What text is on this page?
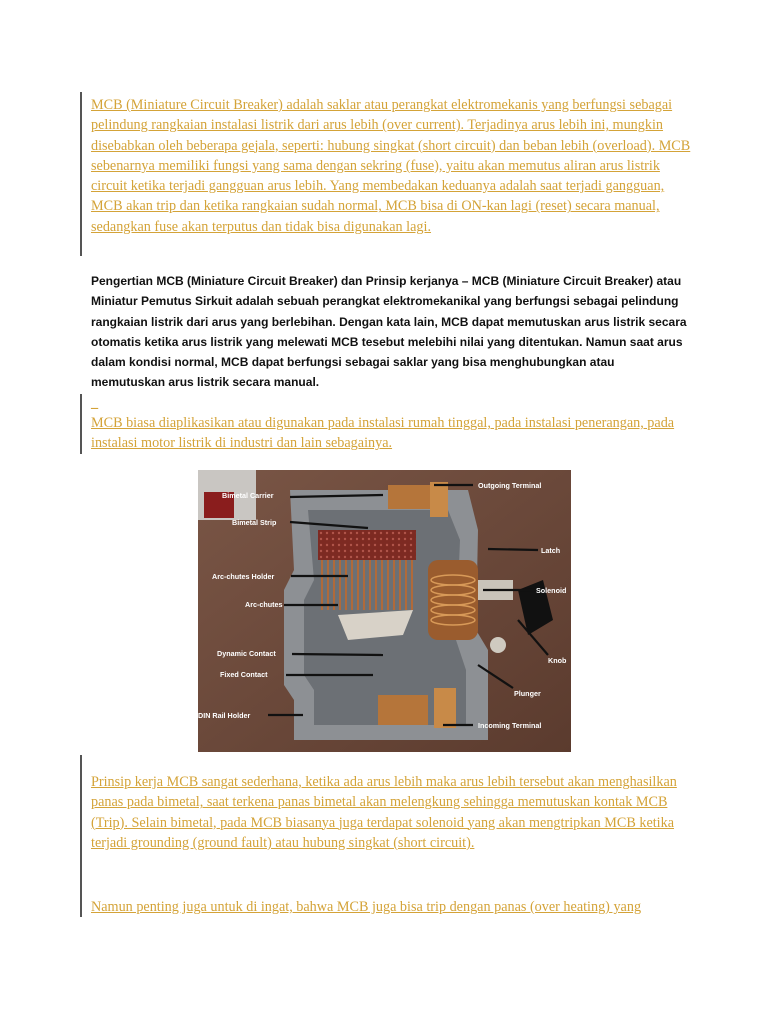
MCB (Miniature Circuit Breaker) adalah saklar atau perangkat elektromekanis yang berfungsi sebagai pelindung rangkaian instalasi listrik dari arus lebih (over current). Terjadinya arus lebih ini, mungkin disebabkan oleh beberapa gejala, seperti: hubung singkat (short circuit) dan beban lebih (overload). MCB sebenarnya memiliki fungsi yang sama dengan sekring (fuse), yaitu akan memutus aliran arus listrik circuit ketika terjadi gangguan arus lebih. Yang membedakan keduanya adalah saat terjadi gangguan, MCB akan trip dan ketika rangkaian sudah normal, MCB bisa di ON-kan lagi (reset) secara manual, sedangkan fuse akan terputus dan tidak bisa digunakan lagi.

Pengertian MCB (Miniature Circuit Breaker) dan Prinsip kerjanya – MCB (Miniature Circuit Breaker) atau Miniatur Pemutus Sirkuit adalah sebuah perangkat elektromekanikal yang berfungsi sebagai pelindung rangkaian listrik dari arus yang berlebihan. Dengan kata lain, MCB dapat memutuskan arus listrik secara otomatis ketika arus listrik yang melewati MCB tesebut melebihi nilai yang ditentukan. Namun saat arus dalam kondisi normal, MCB dapat berfungsi sebagai saklar yang bisa menghubungkan atau memutuskan arus listrik secara manual.

_

MCB biasa diaplikasikan atau digunakan pada instalasi rumah tinggal, pada instalasi penerangan, pada instalasi motor listrik di industri dan lain sebagainya.

Bimetal Carrier
Bimetal Strip
Arc-chutes Holder
Arc-chutes
Dynamic Contact
Fixed Contact
DIN Rail Holder
Outgoing Terminal
Latch
Solenoid
Knob
Plunger
Incoming Terminal

Prinsip kerja MCB sangat sederhana, ketika ada arus lebih maka arus lebih tersebut akan menghasilkan panas pada bimetal, saat terkena panas bimetal akan melengkung sehingga memutuskan kontak MCB (Trip). Selain bimetal, pada MCB biasanya juga terdapat solenoid yang akan mengtripkan MCB ketika terjadi grounding (ground fault) atau hubung singkat (short circuit).

Namun penting juga untuk di ingat, bahwa MCB juga bisa trip dengan panas (over heating) yang
